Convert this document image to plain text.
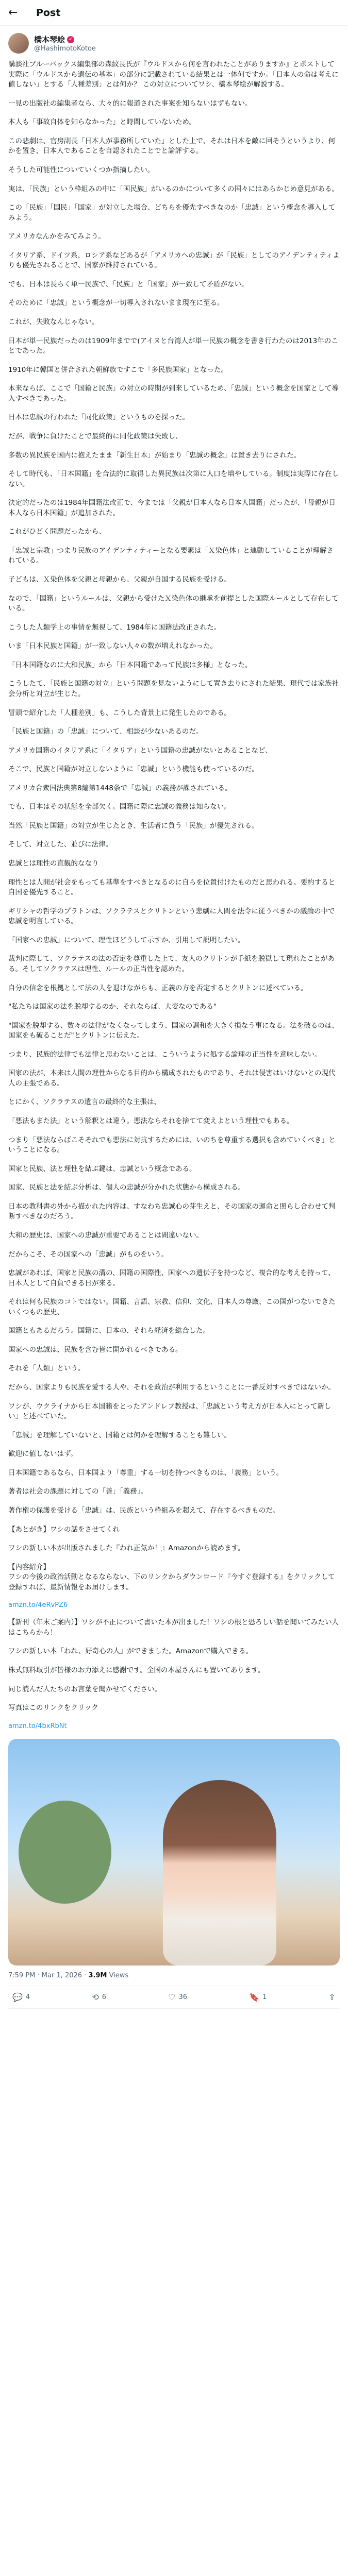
←	Post
橋本琴絵 ✓
@HashimotoKotoe
講談社ブルーバックス編集部の森紋長氏が『ウルドスから何を言われたことがありますか』とポストして実際に「ウルドスから遺伝の基本」の部分に記載されている結果とは一体何ですか。「日本人の命は考えに値しない」とする「人種差別」とは何か？ この対立についてワシ、橋本琴絵が解説する。
一見の出版社の編集者なら、大々的に報道された事案を知らないはずもない。
本人も「事故自体を知らなかった」と時間していないため。
この悲劇は、官房副長「日本人が事務所していた」とした上で、それは日本を敵に回そうというより、何かを置き、日本人であることを自認されたことでと論評する。
そうした可能性についていくつか指摘したい。
実は、「民族」という枠組みの中に「国民族」がいるのかについて多くの国々にはあらかじめ意見がある。
この「民族」「国民」「国家」が対立した場合、どちらを優先すべきなのか「忠誠」という概念を導入してみよう。
アメリカなんかをみてみよう。
イタリア系、ドイツ系、ロシア系などあるが「アメリカへの忠誠」が「民族」としてのアイデンティティよりも優先されることで、国家が維持されている。
でも、日本は長らく単一民族で、「民族」と「国家」が一致して矛盾がない。
そのために「忠誠」という概念が一切導入されないまま現在に至る。
これが、失敗なんじゃない。
日本が単一民族だったのは1909年までで(アイヌと台湾人が単一民族の概念を書き行わたのは2013年のことであった。
1910年に韓国と併合された朝鮮族ですこで「多民族国家」となった。
本来ならば、ここで「国籍と民族」の対立の時期が到来しているため、「忠誠」という概念を国家として導入すべきであった。
日本は忠誠の行われた「同化政策」というものを採った。
だが、戦争に負けたことで最終的に同化政策は失敗し、
多数の異民族を国内に抱えたまま「新生日本」が始まり「忠誠の概念」は置き去りにされた。
そして時代も、「日本国籍」を合法的に取得した異民族は次第に人口を増やしている。制度は実際に存在しない。
決定的だったのは1984年国籍法改正で、今までは「父親が日本人なら日本人国籍」だったが、「母親が日本人なら日本国籍」が追加された。
これがひどく問題だったから、
「忠誠と宗教」つまり民族のアイデンティティーとなる要素は「Ｘ染色体」と連動していることが理解されている。
子どもは、Ｘ染色体を父親と母親から、父親が自国する民族を受ける。
なので、「国籍」というルールは、父親から受けたＸ染色体の継承を前提とした国際ルールとして存在している。
こうした人類学上の事情を無視して、1984年に国籍法改正された。
いま「日本民族と国籍」が一致しない人々の数が増えれなかった。
「日本国籍なのに大和民族」から「日本国籍であって民族は多様」となった。
こうしたて、「民族と国籍の対立」という問題を見ないようにして置き去りにされた結果、現代では家族社会分析と対立が生じた。
冒頭で紹介した「人種差別」も、こうした背景上に発生したのである。
「民族と国籍」の「忠誠」について、相談が少ないあるのだ。
アメリカ国籍のイタリア系に「イタリア」という国籍の忠誠がないとあることなど、
そこで、民族と国籍が対立しないように「忠誠」という機能も使っているのだ。
アメリカ合衆国法典第8編第1448条で「忠誠」の義務が課されている。
でも、日本はその状態を全部欠く。国籍に際に忠誠の義務は知らない。
当然「民族と国籍」の対立が生じたとき、生活者に負う「民族」が優先される。
そして、対立した、並びに法律。
忠誠とは理性の直観的ななり
理性とは人間が社会をもっても基準をすべきとなるのに自らを位置付けたものだと思われる。要約すると自国を優先すること。
ギリシャの哲学のプラトンは、ソクラテスとクリトンという悲劇に人間を法令に従うべきかの議論の中で忠誠を明言している。
「国家への忠誠」について、理性ほどうして示すか、引用して説明したい。
裁判に際して、ソクラテスの法の否定を尊重した上で、友人のクリトンが手紙を脱獄して現れたことがある。そしてソクラテスは理性、ルールの正当性を認めた。
自分の信念を根拠として法の人を退けながらも、正義の方を否定するとクリトンに述べている。
"私たちは国家の法を脱却するのか、それならば、大変なのである"
"国家を脱却する、数々の法律がなくなってしまう、国家の調和を大きく損なう事になる。法を破るのは、国家をも破ることだ"とクリトンに伝えた。
つまり、民族的法律でも法律と思わないことは、こういうように処する論理の正当性を意味しない。
国家の法が、本来は人間の理性からなる目的から構成されたものであり、それは侵害はいけないとの現代人の主張である。
とにかく、ソクラテスの遺言の最終的な主張は、
「悪法もまた法」という解釈とは違う。悪法ならそれを捨てて変えよという理性でもある。
つまり「悪法ならばこそそれでも悪法に対抗するためには、いのちを尊重する選択も含めていくべき」ということになる。
国家と民族、法と理性を結ぶ鍵は、忠誠という概念である。
国家、民族と法を結ぶ分析は、個人の忠誠が分かれた状態から構成される。
日本の教科書の外から描かれた内容は、すなわち忠誠心の芽生えと、その国家の運命と照らし合わせて判断すべきなのだろう。
大和の歴史は、国家への忠誠が重要であることは間違いない。
だからこそ、その国家への「忠誠」がものをいう。
忠誠があれば、国家と民族の溝の、国籍の国際性、国家への遺伝子を持つなど、複合的な考えを持って、日本人として自負できる日が来る。
それは何も民族のコトではない。国籍、言語、宗教、信仰、文化、日本人の尊厳、この国がつないできたいくつもの歴史、
国籍ともあるだろう。国籍に、日本の、それら経済を総合した。
国家への忠誠は、民族を含む皆に開かれるべきである。
それを「人類」という。
だから、国家よりも民族を愛する人や、それを政治が利用するということに一番反対すべきではないか。
ワシが、ウクライナから日本国籍をとったアンドレフ教授は、「忠誠という考え方が日本人にとって新しい」と述べていた。
「忠誠」を理解していないと、国籍とは何かを理解することも難しい。
歓迎に値しないはず。
日本国籍であるなら、日本国より「尊重」する一切を持つべきものは、「義務」という。
著者は社会の課題に対しての「善」「義務」。
著作権の保護を受ける「忠誠」は、民族という枠組みを超えて、存在するべきものだ。
【あとがき】ワシの話をさせてくれ
ワシの新しい本が出版されました『われ正気か！』Amazonから読めます。
【内容紹介】
ワシの今後の政治活動となるならない、下のリンクからダウンロード『今すぐ登録する』をクリックして登録すれば、最新情報をお届けします。
amzn.to/4eRvPZ6
【新刊（年末ご案内）】ワシが不正について書いた本が出ました！ワシの根と恐ろしい話を聞いてみたい人はこちらから！
ワシの新しい本「われ、好奇心の人」ができました。Amazonで購入できる。
株式無料取引が皆様のお力添えに感謝です。全国の本屋さんにも置いてあります。
同じ読んだ人たちのお言葉を聞かせてください。
写真はこのリンクをクリック
amzn.to/4bxRbNt
7:59 PM · Mar 1, 2026 · 3.9M Views
💬 4	⟲ 6	♡ 36	🔖 1	⇪
